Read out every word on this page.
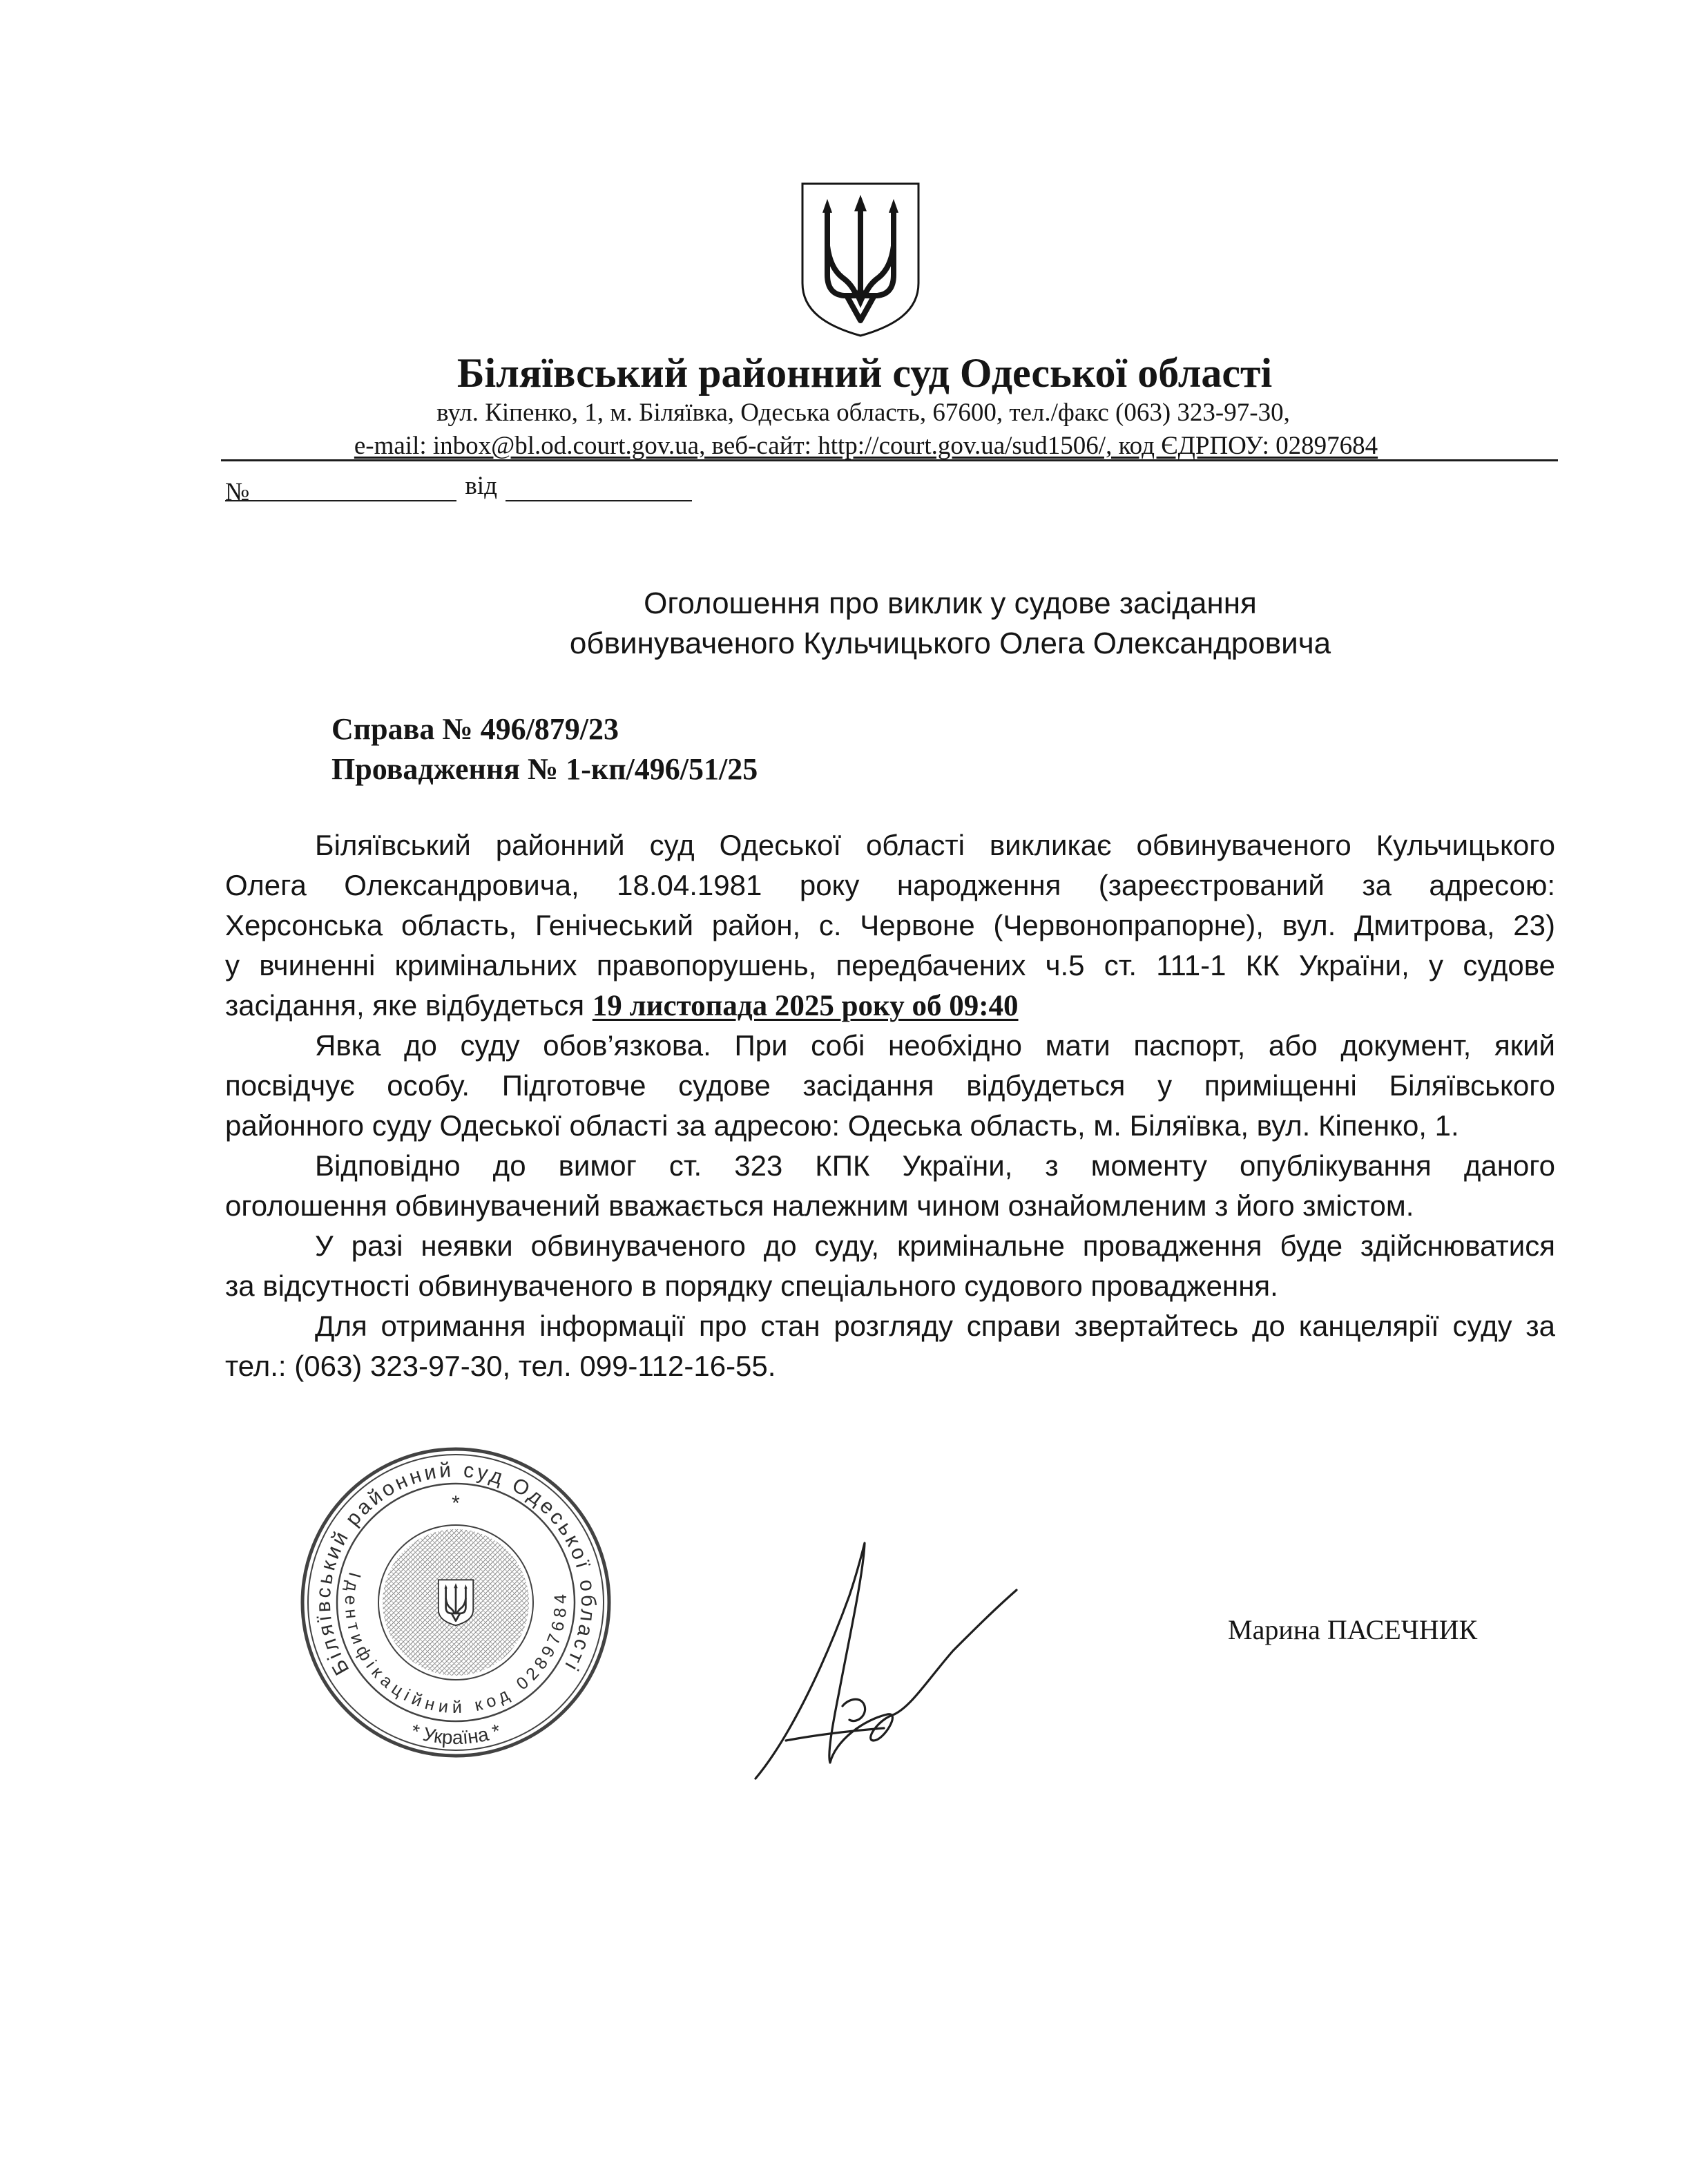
Біляївський районний суд Одеської області
вул. Кіпенко, 1, м. Біляївка, Одеська область, 67600, тел./факс (063) 323-97-30,
e-mail: inbox@bl.od.court.gov.ua, веб-сайт: http://court.gov.ua/sud1506/, код ЄДРПОУ: 02897684
№	від
Оголошення про виклик у судове засідання
обвинуваченого Кульчицького Олега Олександровича
Справа № 496/879/23
Провадження № 1-кп/496/51/25
Біляївський районний суд Одеської області викликає обвинуваченого Кульчицького
Олега Олександровича, 18.04.1981 року народження (зареєстрований за адресою:
Херсонська область, Генічеський район, с. Червоне (Червонопрапорне), вул. Дмитрова, 23)
у вчиненні кримінальних правопорушень, передбачених ч.5 ст. 111-1 КК України, у судове
засідання, яке відбудеться 19 листопада 2025 року об 09:40
Явка до суду обов’язкова. При собі необхідно мати паспорт, або документ, який
посвідчує особу. Підготовче судове засідання відбудеться у приміщенні Біляївського
районного суду Одеської області за адресою: Одеська область, м. Біляївка, вул. Кіпенко, 1.
Відповідно до вимог ст. 323 КПК України, з моменту опублікування даного
оголошення обвинувачений вважається належним чином ознайомленим з його змістом.
У разі неявки обвинуваченого до суду, кримінальне провадження буде здійснюватися
за відсутності обвинуваченого в порядку спеціального судового провадження.
Для отримання інформації про стан розгляду справи звертайтесь до канцелярії суду за
тел.: (063) 323-97-30, тел. 099-112-16-55.
Біляївський районний суд Одеської області
* Україна *
Ідентифікаційний код 02897684
*
Марина ПАСЕЧНИК
